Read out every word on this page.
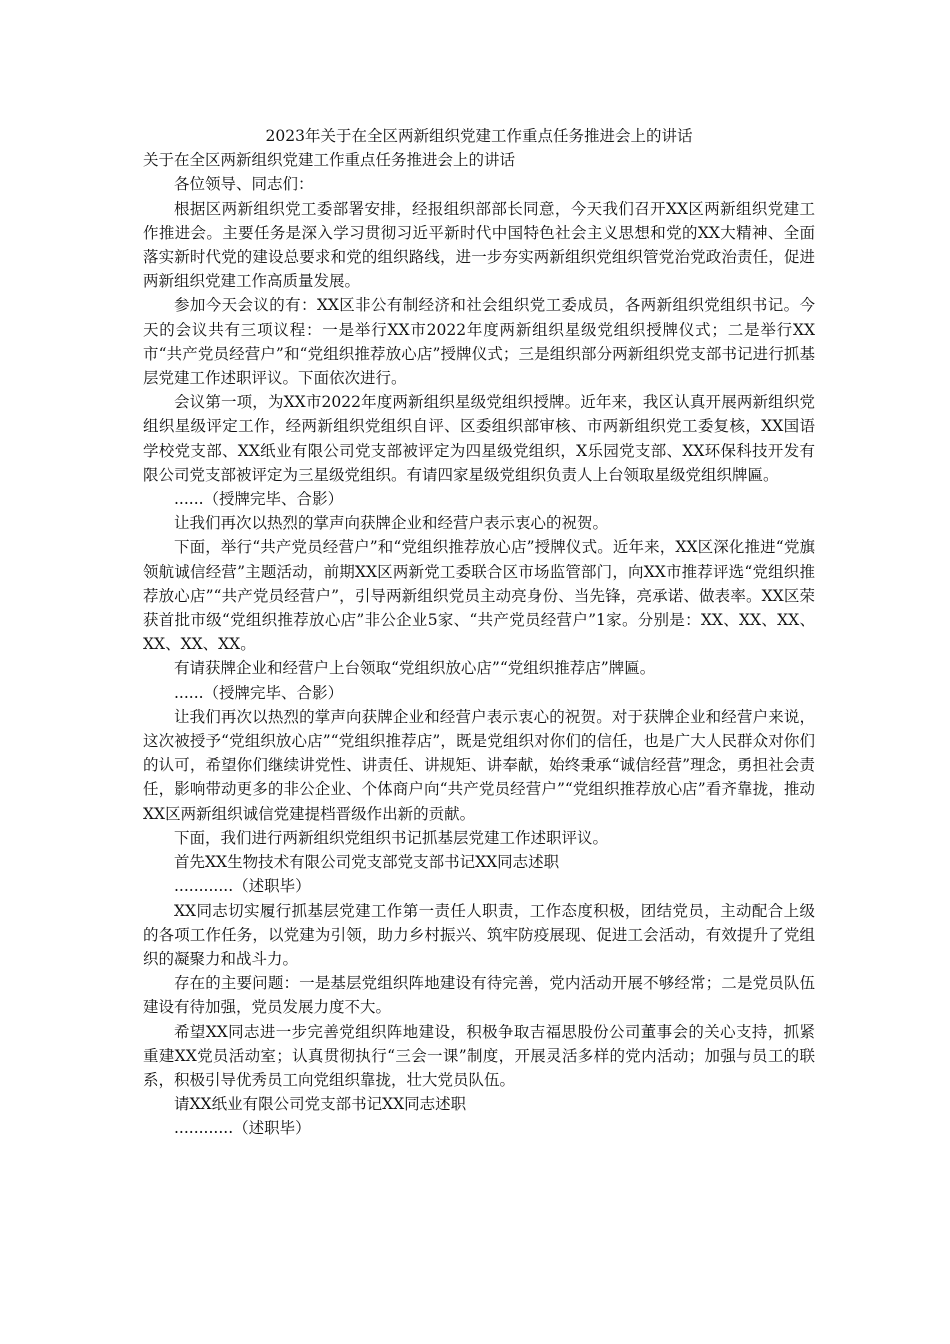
2023年关于在全区两新组织党建工作重点任务推进会上的讲话

关于在全区两新组织党建工作重点任务推进会上的讲话

各位领导、同志们：

根据区两新组织党工委部署安排，经报组织部部长同意，今天我们召开XX区两新组织党建工作推进会。主要任务是深入学习贯彻习近平新时代中国特色社会主义思想和党的XX大精神、全面落实新时代党的建设总要求和党的组织路线，进一步夯实两新组织党组织管党治党政治责任，促进两新组织党建工作高质量发展。

参加今天会议的有：XX区非公有制经济和社会组织党工委成员，各两新组织党组织书记。今天的会议共有三项议程：一是举行XX市2022年度两新组织星级党组织授牌仪式；二是举行XX市“共产党员经营户”和“党组织推荐放心店”授牌仪式；三是组织部分两新组织党支部书记进行抓基层党建工作述职评议。下面依次进行。

会议第一项，为XX市2022年度两新组织星级党组织授牌。近年来，我区认真开展两新组织党组织星级评定工作，经两新组织党组织自评、区委组织部审核、市两新组织党工委复核，XX国语学校党支部、XX纸业有限公司党支部被评定为四星级党组织，X乐园党支部、XX环保科技开发有限公司党支部被评定为三星级党组织。有请四家星级党组织负责人上台领取星级党组织牌匾。

......（授牌完毕、合影）

让我们再次以热烈的掌声向获牌企业和经营户表示衷心的祝贺。

下面，举行“共产党员经营户”和“党组织推荐放心店”授牌仪式。近年来，XX区深化推进“党旗领航诚信经营”主题活动，前期XX区两新党工委联合区市场监管部门，向XX市推荐评选“党组织推荐放心店”“共产党员经营户”，引导两新组织党员主动亮身份、当先锋，亮承诺、做表率。XX区荣获首批市级“党组织推荐放心店”非公企业5家、“共产党员经营户”1家。分别是：XX、XX、XX、XX、XX、XX。

有请获牌企业和经营户上台领取“党组织放心店”“党组织推荐店”牌匾。

......（授牌完毕、合影）

让我们再次以热烈的掌声向获牌企业和经营户表示衷心的祝贺。对于获牌企业和经营户来说，这次被授予“党组织放心店”“党组织推荐店”，既是党组织对你们的信任，也是广大人民群众对你们的认可，希望你们继续讲党性、讲责任、讲规矩、讲奉献，始终秉承“诚信经营”理念，勇担社会责任，影响带动更多的非公企业、个体商户向“共产党员经营户”“党组织推荐放心店”看齐靠拢，推动XX区两新组织诚信党建提档晋级作出新的贡献。

下面，我们进行两新组织党组织书记抓基层党建工作述职评议。

首先XX生物技术有限公司党支部党支部书记XX同志述职

............（述职毕）

XX同志切实履行抓基层党建工作第一责任人职责，工作态度积极，团结党员，主动配合上级的各项工作任务，以党建为引领，助力乡村振兴、筑牢防疫展现、促进工会活动，有效提升了党组织的凝聚力和战斗力。

存在的主要问题：一是基层党组织阵地建设有待完善，党内活动开展不够经常；二是党员队伍建设有待加强，党员发展力度不大。

希望XX同志进一步完善党组织阵地建设，积极争取吉福思股份公司董事会的关心支持，抓紧重建XX党员活动室；认真贯彻执行“三会一课”制度，开展灵活多样的党内活动；加强与员工的联系，积极引导优秀员工向党组织靠拢，壮大党员队伍。

请XX纸业有限公司党支部书记XX同志述职

............（述职毕）
